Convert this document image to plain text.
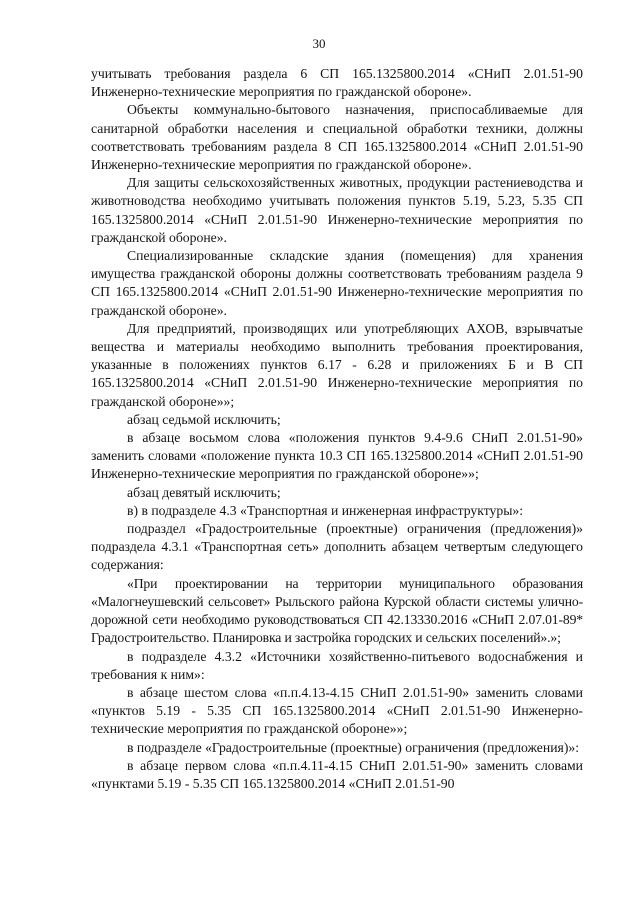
30

учитывать требования раздела 6 СП 165.1325800.2014 «СНиП 2.01.51-90 Инженерно-технические мероприятия по гражданской обороне».

Объекты коммунально-бытового назначения, приспосабливаемые для санитарной обработки населения и специальной обработки техники, должны соответствовать требованиям раздела 8 СП 165.1325800.2014 «СНиП 2.01.51-90 Инженерно-технические мероприятия по гражданской обороне».

Для защиты сельскохозяйственных животных, продукции растениеводства и животноводства необходимо учитывать положения пунктов 5.19, 5.23, 5.35 СП 165.1325800.2014 «СНиП 2.01.51-90 Инженерно-технические мероприятия по гражданской обороне».

Специализированные складские здания (помещения) для хранения имущества гражданской обороны должны соответствовать требованиям раздела 9 СП 165.1325800.2014 «СНиП 2.01.51-90 Инженерно-технические мероприятия по гражданской обороне».

Для предприятий, производящих или употребляющих АХОВ, взрывчатые вещества и материалы необходимо выполнить требования проектирования, указанные в положениях пунктов 6.17 - 6.28 и приложениях Б и В СП 165.1325800.2014 «СНиП 2.01.51-90 Инженерно-технические мероприятия по гражданской обороне»»;

абзац седьмой исключить;

в абзаце восьмом слова «положения пунктов 9.4-9.6 СНиП 2.01.51-90» заменить словами «положение пункта 10.3 СП 165.1325800.2014 «СНиП 2.01.51-90 Инженерно-технические мероприятия по гражданской обороне»»;

абзац девятый исключить;

в) в подразделе 4.3 «Транспортная и инженерная инфраструктуры»:

подраздел «Градостроительные (проектные) ограничения (предложения)» подраздела 4.3.1 «Транспортная сеть» дополнить абзацем четвертым следующего содержания:

«При проектировании на территории муниципального образования «Малогнеушевский сельсовет» Рыльского района Курской области системы улично-дорожной сети необходимо руководствоваться СП 42.13330.2016 «СНиП 2.07.01-89* Градостроительство. Планировка и застройка городских и сельских поселений».»;

в подразделе 4.3.2 «Источники хозяйственно-питьевого водоснабжения и требования к ним»:

в абзаце шестом слова «п.п.4.13-4.15 СНиП 2.01.51-90» заменить словами «пунктов 5.19 - 5.35 СП 165.1325800.2014 «СНиП 2.01.51-90 Инженерно-технические мероприятия по гражданской обороне»»;

в подразделе «Градостроительные (проектные) ограничения (предложения)»:

в абзаце первом слова «п.п.4.11-4.15 СНиП 2.01.51-90» заменить словами «пунктами 5.19 - 5.35 СП 165.1325800.2014 «СНиП 2.01.51-90
